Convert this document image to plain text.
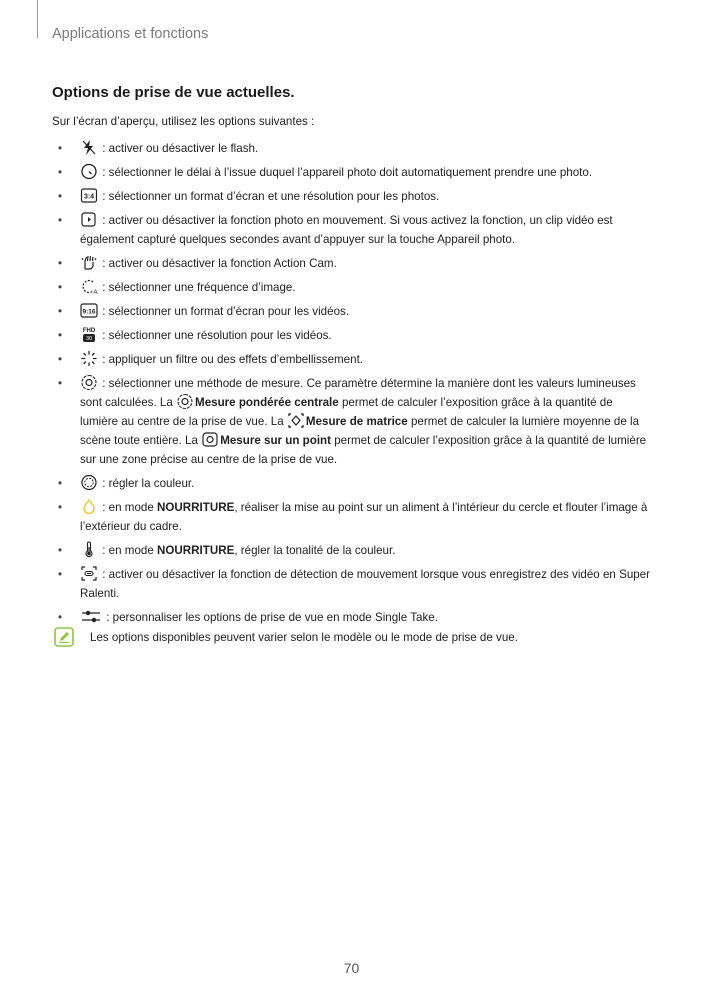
Applications et fonctions
Options de prise de vue actuelles.
Sur l’écran d’aperçu, utilisez les options suivantes :
•	: activer ou désactiver le flash.
•	: sélectionner le délai à l’issue duquel l’appareil photo doit automatiquement prendre une photo.
•	3:4 : sélectionner un format d’écran et une résolution pour les photos.
•	: activer ou désactiver la fonction photo en mouvement. Si vous activez la fonction, un clip vidéo est également capturé quelques secondes avant d’appuyer sur la touche Appareil photo.
•	: activer ou désactiver la fonction Action Cam.
•	A : sélectionner une fréquence d’image.
•	9:16 : sélectionner un format d’écran pour les vidéos.
•	FHD
30 : sélectionner une résolution pour les vidéos.
•	: appliquer un filtre ou des effets d’embellissement.
•	: sélectionner une méthode de mesure. Ce paramètre détermine la manière dont les valeurs lumineuses sont calculées. La
Mesure pondérée centrale permet de calculer l’exposition grâce à la quantité de lumière au centre de la prise de vue. La
Mesure de matrice permet de calculer la lumière moyenne de la scène toute entière. La
Mesure sur un point permet de calculer l’exposition grâce à la quantité de lumière sur une zone précise au centre de la prise de vue.
•	: régler la couleur.
•	: en mode NOURRITURE, réaliser la mise au point sur un aliment à l’intérieur du cercle et flouter l’image à l’extérieur du cadre.
•	: en mode NOURRITURE, régler la tonalité de la couleur.
•	: activer ou désactiver la fonction de détection de mouvement lorsque vous enregistrez des vidéo en Super Ralenti.
•	: personnaliser les options de prise de vue en mode Single Take.
Les options disponibles peuvent varier selon le modèle ou le mode de prise de vue.
70
